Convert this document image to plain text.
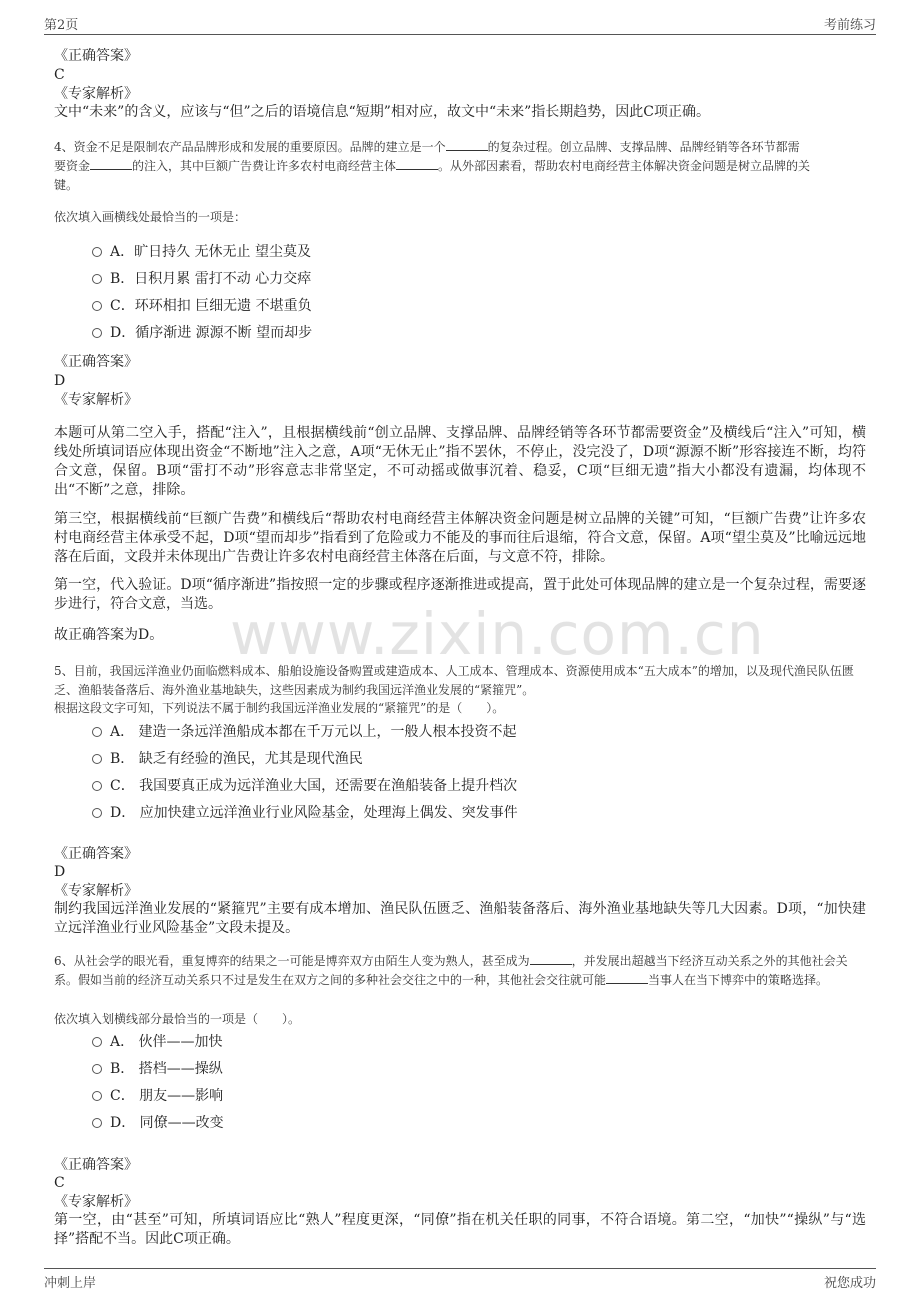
第2页	考前练习
www.zixin.com.cn
《正确答案》
C
《专家解析》
文中“未来”的含义，应该与“但”之后的语境信息“短期”相对应，故文中“未来”指长期趋势，因此C项正确。
4、资金不足是限制农产品品牌形成和发展的重要原因。品牌的建立是一个	的复杂过程。创立品牌、支撑品牌、品牌经销等各环节都需
要资金	的注入，其中巨额广告费让许多农村电商经营主体	。从外部因素看，帮助农村电商经营主体解决资金问题是树立品牌的关
键。
依次填入画横线处最恰当的一项是：
A．旷日持久 无休无止 望尘莫及
B．日积月累 雷打不动 心力交瘁
C．环环相扣 巨细无遗 不堪重负
D．循序渐进 源源不断 望而却步
《正确答案》
D
《专家解析》
本题可从第二空入手，搭配“注入”，且根据横线前“创立品牌、支撑品牌、品牌经销等各环节都需要资金”及横线后“注入”可知，横线处所填词语应体现出资金“不断地”注入之意，A项“无休无止”指不罢休，不停止，没完没了，D项“源源不断”形容接连不断，均符合文意，保留。B项“雷打不动”形容意志非常坚定，不可动摇或做事沉着、稳妥，C项“巨细无遗”指大小都没有遗漏，均体现不出“不断”之意，排除。
第三空，根据横线前“巨额广告费”和横线后“帮助农村电商经营主体解决资金问题是树立品牌的关键”可知，“巨额广告费”让许多农村电商经营主体承受不起，D项“望而却步”指看到了危险或力不能及的事而往后退缩，符合文意，保留。A项“望尘莫及”比喻远远地落在后面，文段并未体现出广告费让许多农村电商经营主体落在后面，与文意不符，排除。
第一空，代入验证。D项“循序渐进”指按照一定的步骤或程序逐渐推进或提高，置于此处可体现品牌的建立是一个复杂过程，需要逐步进行，符合文意，当选。
故正确答案为D。
5、目前，我国远洋渔业仍面临燃料成本、船舶设施设备购置或建造成本、人工成本、管理成本、资源使用成本“五大成本”的增加，以及现代渔民队伍匮乏、渔船装备落后、海外渔业基地缺失，这些因素成为制约我国远洋渔业发展的“紧箍咒”。
根据这段文字可知，下列说法不属于制约我国远洋渔业发展的“紧箍咒”的是（　　）。
A． 建造一条远洋渔船成本都在千万元以上，一般人根本投资不起
B． 缺乏有经验的渔民，尤其是现代渔民
C． 我国要真正成为远洋渔业大国，还需要在渔船装备上提升档次
D． 应加快建立远洋渔业行业风险基金，处理海上偶发、突发事件
《正确答案》
D
《专家解析》
制约我国远洋渔业发展的“紧箍咒”主要有成本增加、渔民队伍匮乏、渔船装备落后、海外渔业基地缺失等几大因素。D项，“加快建立远洋渔业行业风险基金”文段未提及。
6、从社会学的眼光看，重复博弈的结果之一可能是博弈双方由陌生人变为熟人，甚至成为	，并发展出超越当下经济互动关系之外的其他社会关系。假如当前的经济互动关系只不过是发生在双方之间的多种社会交往之中的一种，其他社会交往就可能	当事人在当下博弈中的策略选择。
依次填入划横线部分最恰当的一项是（　　）。
A． 伙伴——加快
B． 搭档——操纵
C． 朋友——影响
D． 同僚——改变
《正确答案》
C
《专家解析》
第一空，由“甚至”可知，所填词语应比“熟人”程度更深，“同僚”指在机关任职的同事，不符合语境。第二空，“加快”“操纵”与“选择”搭配不当。因此C项正确。
冲刺上岸	祝您成功
